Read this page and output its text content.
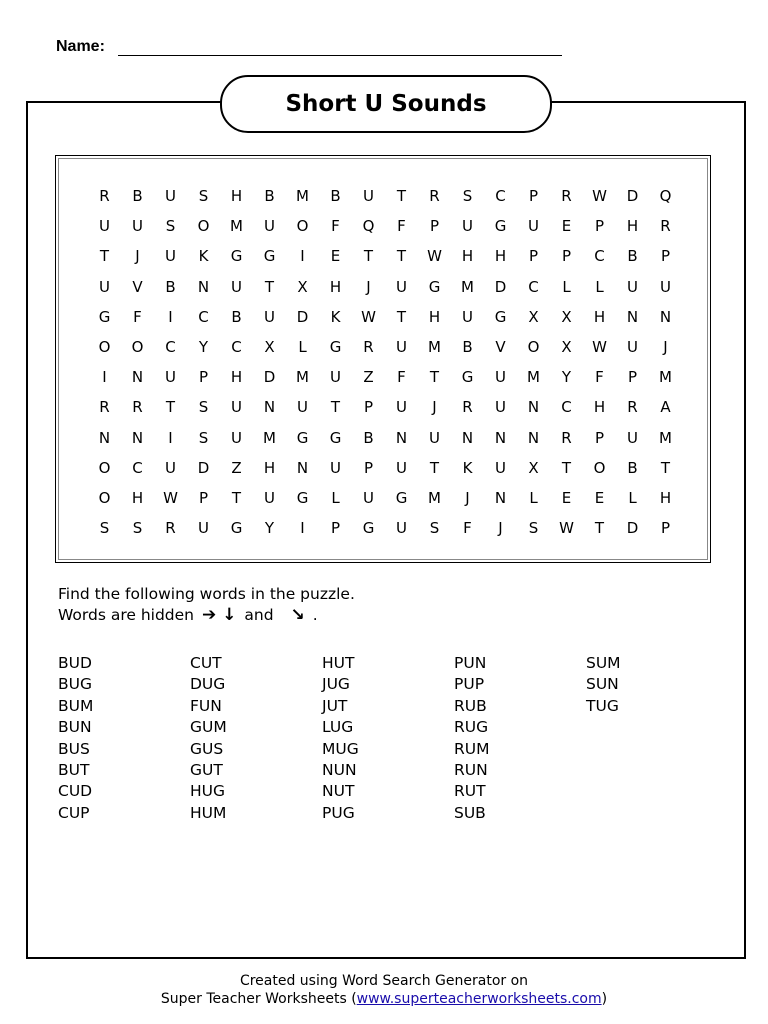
Name:
Short U Sounds
R	B	U	S	H	B	M	B	U	T	R	S	C	P	R	W	D	Q
U	U	S	O	M	U	O	F	Q	F	P	U	G	U	E	P	H	R
T	J	U	K	G	G	I	E	T	T	W	H	H	P	P	C	B	P
U	V	B	N	U	T	X	H	J	U	G	M	D	C	L	L	U	U
G	F	I	C	B	U	D	K	W	T	H	U	G	X	X	H	N	N
O	O	C	Y	C	X	L	G	R	U	M	B	V	O	X	W	U	J
I	N	U	P	H	D	M	U	Z	F	T	G	U	M	Y	F	P	M
R	R	T	S	U	N	U	T	P	U	J	R	U	N	C	H	R	A
N	N	I	S	U	M	G	G	B	N	U	N	N	N	R	P	U	M
O	C	U	D	Z	H	N	U	P	U	T	K	U	X	T	O	B	T
O	H	W	P	T	U	G	L	U	G	M	J	N	L	E	E	L	H
S	S	R	U	G	Y	I	P	G	U	S	F	J	S	W	T	D	P
Find the following words in the puzzle.
Words are hidden ➔ ↓ and ↘ .
BUD
BUG
BUM
BUN
BUS
BUT
CUD
CUP
CUT
DUG
FUN
GUM
GUS
GUT
HUG
HUM
HUT
JUG
JUT
LUG
MUG
NUN
NUT
PUG
PUN
PUP
RUB
RUG
RUM
RUN
RUT
SUB
SUM
SUN
TUG
Created using Word Search Generator on
Super Teacher Worksheets (www.superteacherworksheets.com)
